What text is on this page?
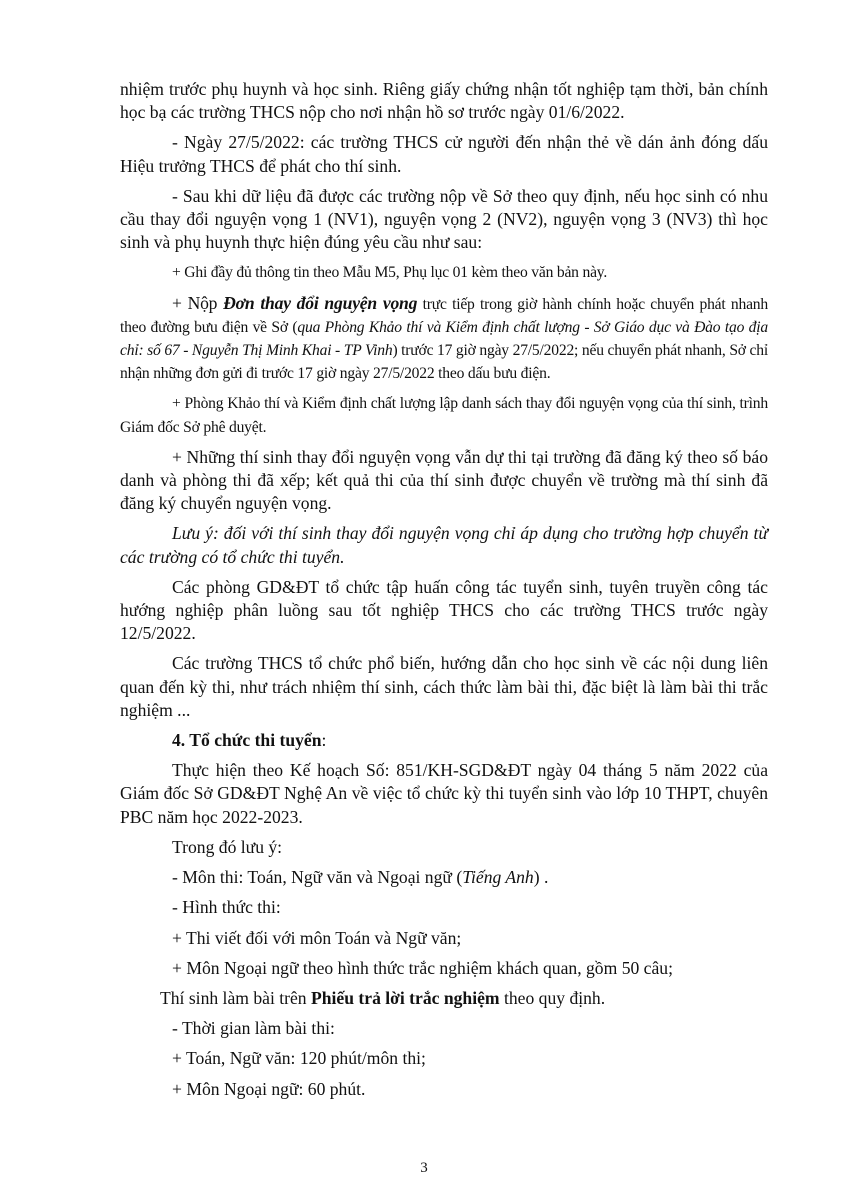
nhiệm trước phụ huynh và học sinh. Riêng giấy chứng nhận tốt nghiệp tạm thời, bản chính học bạ các trường THCS nộp cho nơi nhận hồ sơ trước ngày 01/6/2022.

- Ngày 27/5/2022: các trường THCS cử người đến nhận thẻ về dán ảnh đóng dấu Hiệu trưởng THCS để phát cho thí sinh.

- Sau khi dữ liệu đã được các trường nộp về Sở theo quy định, nếu học sinh có nhu cầu thay đổi nguyện vọng 1 (NV1), nguyện vọng 2 (NV2), nguyện vọng 3 (NV3) thì học sinh và phụ huynh thực hiện đúng yêu cầu như sau:

+ Ghi đầy đủ thông tin theo Mẫu M5, Phụ lục 01 kèm theo văn bản này.

+ Nộp Đơn thay đổi nguyện vọng trực tiếp trong giờ hành chính hoặc chuyển phát nhanh theo đường bưu điện về Sở (qua Phòng Khảo thí và Kiểm định chất lượng - Sở Giáo dục và Đào tạo địa chỉ: số 67 - Nguyễn Thị Minh Khai - TP Vinh) trước 17 giờ ngày 27/5/2022; nếu chuyển phát nhanh, Sở chỉ nhận những đơn gửi đi trước 17 giờ ngày 27/5/2022 theo dấu bưu điện.

+ Phòng Khảo thí và Kiểm định chất lượng lập danh sách thay đổi nguyện vọng của thí sinh, trình Giám đốc Sở phê duyệt.

+ Những thí sinh thay đổi nguyện vọng vẫn dự thi tại trường đã đăng ký theo số báo danh và phòng thi đã xếp; kết quả thi của thí sinh được chuyển về trường mà thí sinh đã đăng ký chuyển nguyện vọng.

Lưu ý: đối với thí sinh thay đổi nguyện vọng chỉ áp dụng cho trường hợp chuyển từ các trường có tổ chức thi tuyển.

Các phòng GD&ĐT tổ chức tập huấn công tác tuyển sinh, tuyên truyền công tác hướng nghiệp phân luồng sau tốt nghiệp THCS cho các trường THCS trước ngày 12/5/2022.

Các trường THCS tổ chức phổ biến, hướng dẫn cho học sinh về các nội dung liên quan đến kỳ thi, như trách nhiệm thí sinh, cách thức làm bài thi, đặc biệt là làm bài thi trắc nghiệm ...

4. Tổ chức thi tuyển:

Thực hiện theo Kế hoạch Số: 851/KH-SGD&ĐT ngày 04 tháng 5 năm 2022 của Giám đốc Sở GD&ĐT Nghệ An về việc tổ chức kỳ thi tuyển sinh vào lớp 10 THPT, chuyên PBC năm học 2022-2023.

Trong đó lưu ý:

- Môn thi: Toán, Ngữ văn và Ngoại ngữ (Tiếng Anh) .

- Hình thức thi:

+ Thi viết đối với môn Toán và Ngữ văn;

+ Môn Ngoại ngữ theo hình thức trắc nghiệm khách quan, gồm 50 câu;

Thí sinh làm bài trên Phiếu trả lời trắc nghiệm theo quy định.

- Thời gian làm bài thi:

+ Toán, Ngữ văn: 120 phút/môn thi;

+ Môn Ngoại ngữ: 60 phút.

3
